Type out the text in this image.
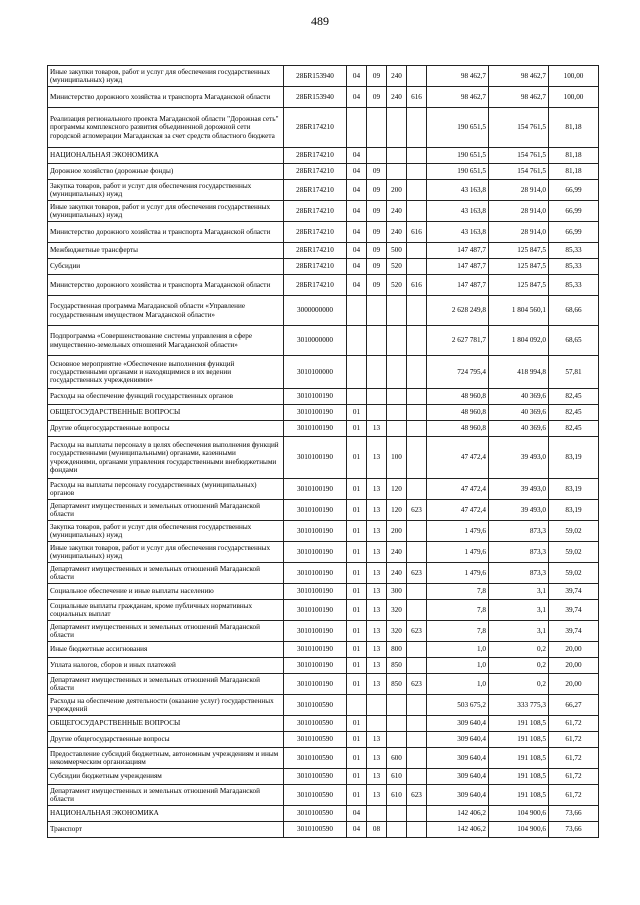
489
Иные закупки товаров, работ и услуг для обеспечения государственных (муниципальных) нужд	28БR153940	04	09	240		98 462,7	98 462,7	100,00
Министерство дорожного хозяйства и транспорта Магаданской области	28БR153940	04	09	240	616	98 462,7	98 462,7	100,00
Реализация регионального проекта Магаданской области "Дорожная сеть" программы комплексного развития объединенной дорожной сети городской агломерации Магаданская за счет средств областного бюджета	28БR174210					190 651,5	154 761,5	81,18
НАЦИОНАЛЬНАЯ ЭКОНОМИКА	28БR174210	04				190 651,5	154 761,5	81,18
Дорожное хозяйство (дорожные фонды)	28БR174210	04	09			190 651,5	154 761,5	81,18
Закупка товаров, работ и услуг для обеспечения государственных (муниципальных) нужд	28БR174210	04	09	200		43 163,8	28 914,0	66,99
Иные закупки товаров, работ и услуг для обеспечения государственных (муниципальных) нужд	28БR174210	04	09	240		43 163,8	28 914,0	66,99
Министерство дорожного хозяйства и транспорта Магаданской области	28БR174210	04	09	240	616	43 163,8	28 914,0	66,99
Межбюджетные трансферты	28БR174210	04	09	500		147 487,7	125 847,5	85,33
Субсидии	28БR174210	04	09	520		147 487,7	125 847,5	85,33
Министерство дорожного хозяйства и транспорта Магаданской области	28БR174210	04	09	520	616	147 487,7	125 847,5	85,33
Государственная программа Магаданской области «Управление государственным имуществом Магаданской области»	3000000000					2 628 249,8	1 804 560,1	68,66
Подпрограмма «Совершенствование системы управления в сфере имущественно-земельных отношений Магаданской области»	3010000000					2 627 781,7	1 804 092,0	68,65
Основное мероприятие «Обеспечение выполнения функций государственными органами и находящимися в их ведении государственных учреждениями»	3010100000					724 795,4	418 994,8	57,81
Расходы на обеспечение функций государственных органов	3010100190					48 960,8	40 369,6	82,45
ОБЩЕГОСУДАРСТВЕННЫЕ ВОПРОСЫ	3010100190	01				48 960,8	40 369,6	82,45
Другие общегосударственные вопросы	3010100190	01	13			48 960,8	40 369,6	82,45
Расходы на выплаты персоналу в целях обеспечения выполнения функций государственными (муниципальными) органами, казенными учреждениями, органами управления государственными внебюджетными фондами	3010100190	01	13	100		47 472,4	39 493,0	83,19
Расходы на выплаты персоналу государственных (муниципальных) органов	3010100190	01	13	120		47 472,4	39 493,0	83,19
Департамент имущественных и земельных отношений Магаданской области	3010100190	01	13	120	623	47 472,4	39 493,0	83,19
Закупка товаров, работ и услуг для обеспечения государственных (муниципальных) нужд	3010100190	01	13	200		1 479,6	873,3	59,02
Иные закупки товаров, работ и услуг для обеспечения государственных (муниципальных) нужд	3010100190	01	13	240		1 479,6	873,3	59,02
Департамент имущественных и земельных отношений Магаданской области	3010100190	01	13	240	623	1 479,6	873,3	59,02
Социальное обеспечение и иные выплаты населению	3010100190	01	13	300		7,8	3,1	39,74
Социальные выплаты гражданам, кроме публичных нормативных социальных выплат	3010100190	01	13	320		7,8	3,1	39,74
Департамент имущественных и земельных отношений Магаданской области	3010100190	01	13	320	623	7,8	3,1	39,74
Иные бюджетные ассигнования	3010100190	01	13	800		1,0	0,2	20,00
Уплата налогов, сборов и иных платежей	3010100190	01	13	850		1,0	0,2	20,00
Департамент имущественных и земельных отношений Магаданской области	3010100190	01	13	850	623	1,0	0,2	20,00
Расходы на обеспечение деятельности (оказание услуг) государственных учреждений	3010100590					503 675,2	333 775,3	66,27
ОБЩЕГОСУДАРСТВЕННЫЕ ВОПРОСЫ	3010100590	01				309 640,4	191 108,5	61,72
Другие общегосударственные вопросы	3010100590	01	13			309 640,4	191 108,5	61,72
Предоставление субсидий бюджетным, автономным учреждениям и иным некоммерческим организациям	3010100590	01	13	600		309 640,4	191 108,5	61,72
Субсидии бюджетным учреждениям	3010100590	01	13	610		309 640,4	191 108,5	61,72
Департамент имущественных и земельных отношений Магаданской области	3010100590	01	13	610	623	309 640,4	191 108,5	61,72
НАЦИОНАЛЬНАЯ ЭКОНОМИКА	3010100590	04				142 406,2	104 900,6	73,66
Транспорт	3010100590	04	08			142 406,2	104 900,6	73,66
